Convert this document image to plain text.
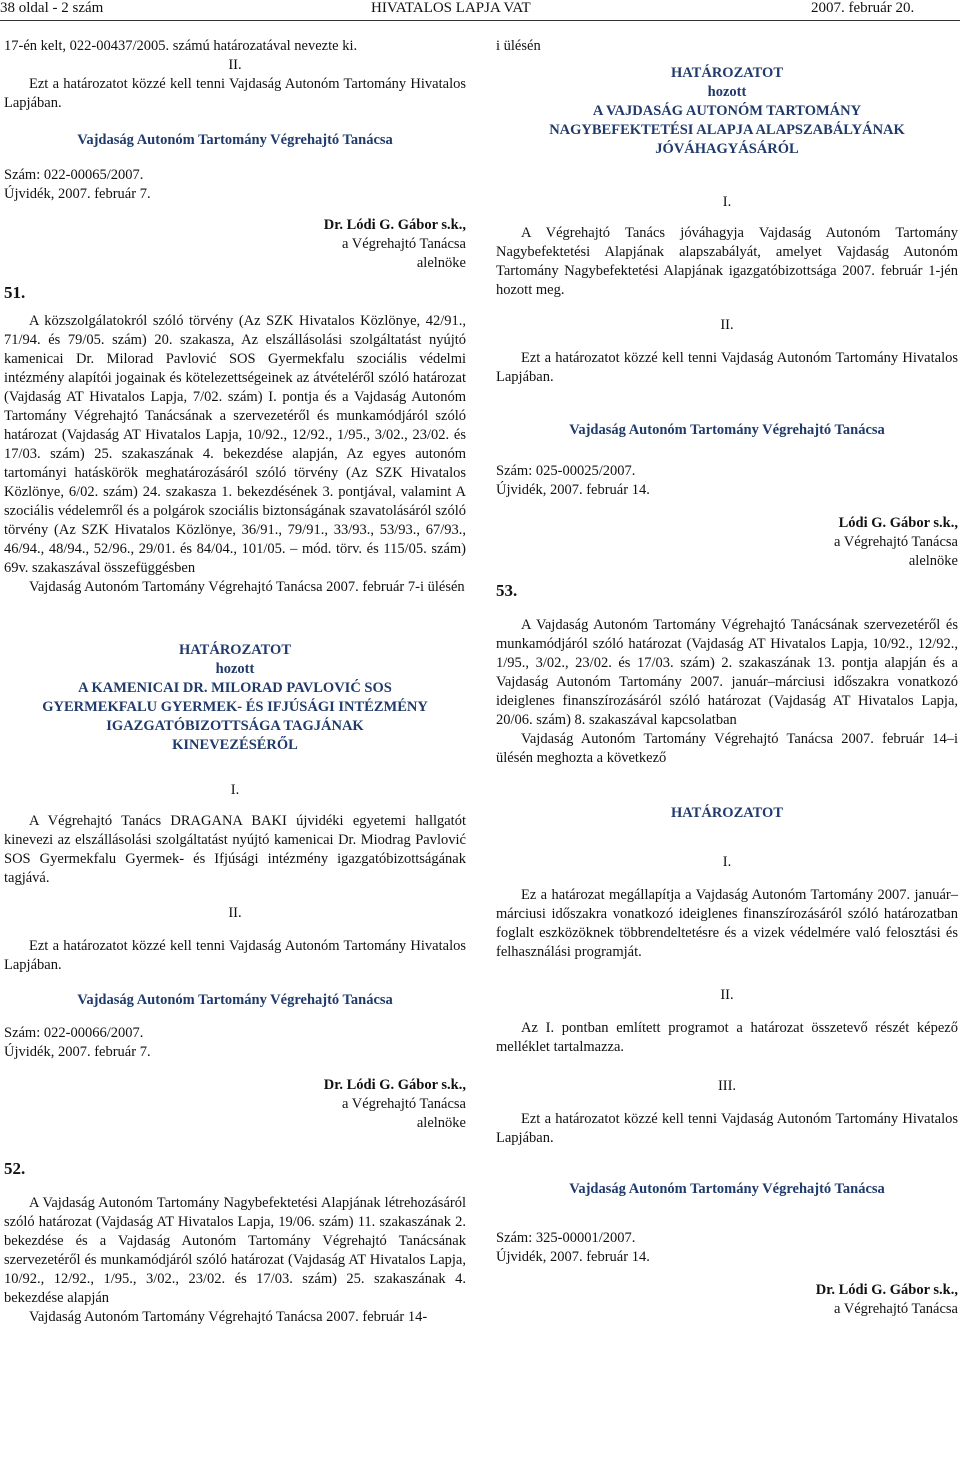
38 oldal - 2 szám	HIVATALOS LAPJA VAT	2007. február 20.

17-én kelt, 022-00437/2005. számú határozatával nevezte ki.

II.

Ezt a határozatot közzé kell tenni Vajdaság Autonóm Tartomány Hivatalos Lapjában.

Vajdaság Autonóm Tartomány Végrehajtó Tanácsa

Szám: 022-00065/2007.

Újvidék, 2007. február 7.

Dr. Lódi G. Gábor s.k.,

a Végrehajtó Tanácsa

alelnöke

51.

A közszolgálatokról szóló törvény (Az SZK Hivatalos Közlönye, 42/91., 71/94. és 79/05. szám) 20. szakasza, Az elszállásolási szolgáltatást nyújtó kamenicai Dr. Milorad Pavlović SOS Gyermekfalu szociális védelmi intézmény alapítói jogainak és kötelezettségeinek az átvételéről szóló határozat (Vajdaság AT Hivatalos Lapja, 7/02. szám) I. pontja és a Vajdaság Autonóm Tartomány Végrehajtó Tanácsának a szervezetéről és munkamódjáról szóló határozat (Vajdaság AT Hivatalos Lapja, 10/92., 12/92., 1/95., 3/02., 23/02. és 17/03. szám) 25. szakaszának 4. bekezdése alapján, Az egyes autonóm tartományi hatáskörök meghatározásáról szóló törvény (Az SZK Hivatalos Közlönye, 6/02. szám) 24. szakasza 1. bekezdésének 3. pontjával, valamint A szociális védelemről és a polgárok szociális biztonságának szavatolásáról szóló törvény (Az SZK Hivatalos Közlönye, 36/91., 79/91., 33/93., 53/93., 67/93., 46/94., 48/94., 52/96., 29/01. és 84/04., 101/05. – mód. törv. és 115/05. szám) 69v. szakaszával összefüggésben

Vajdaság Autonóm Tartomány Végrehajtó Tanácsa 2007. február 7-i ülésén

HATÁROZATOT

hozott

A KAMENICAI DR. MILORAD PAVLOVIĆ SOS

GYERMEKFALU GYERMEK- ÉS IFJÚSÁGI INTÉZMÉNY

IGAZGATÓBIZOTTSÁGA TAGJÁNAK

KINEVEZÉSÉRŐL

I.

A Végrehajtó Tanács DRAGANA BAKI újvidéki egyetemi hallgatót kinevezi az elszállásolási szolgáltatást nyújtó kamenicai Dr. Miodrag Pavlović SOS Gyermekfalu Gyermek- és Ifjúsági intézmény igazgatóbizottságának tagjává.

II.

Ezt a határozatot közzé kell tenni Vajdaság Autonóm Tartomány Hivatalos Lapjában.

Vajdaság Autonóm Tartomány Végrehajtó Tanácsa

Szám: 022-00066/2007.

Újvidék, 2007. február 7.

Dr. Lódi G. Gábor s.k.,

a Végrehajtó Tanácsa

alelnöke

52.

A Vajdaság Autonóm Tartomány Nagybefektetési Alapjának létrehozásáról szóló határozat (Vajdaság AT Hivatalos Lapja, 19/06. szám) 11. szakaszának 2. bekezdése és a Vajdaság Autonóm Tartomány Végrehajtó Tanácsának szervezetéről és munkamódjáról szóló határozat (Vajdaság AT Hivatalos Lapja, 10/92., 12/92., 1/95., 3/02., 23/02. és 17/03. szám) 25. szakaszának 4. bekezdése alapján

Vajdaság Autonóm Tartomány Végrehajtó Tanácsa 2007. február 14-

i ülésén

HATÁROZATOT

hozott

A VAJDASÁG AUTONÓM TARTOMÁNY

NAGYBEFEKTETÉSI ALAPJA ALAPSZABÁLYÁNAK

JÓVÁHAGYÁSÁRÓL

I.

A Végrehajtó Tanács jóváhagyja Vajdaság Autonóm Tartomány Nagybefektetési Alapjának alapszabályát, amelyet Vajdaság Autonóm Tartomány Nagybefektetési Alapjának igazgatóbizottsága 2007. február 1-jén hozott meg.

II.

Ezt a határozatot közzé kell tenni Vajdaság Autonóm Tartomány Hivatalos Lapjában.

Vajdaság Autonóm Tartomány Végrehajtó Tanácsa

Szám: 025-00025/2007.

Újvidék, 2007. február 14.

Lódi G. Gábor s.k.,

a Végrehajtó Tanácsa

alelnöke

53.

A Vajdaság Autonóm Tartomány Végrehajtó Tanácsának szervezetéről és munkamódjáról szóló határozat (Vajdaság AT Hivatalos Lapja, 10/92., 12/92., 1/95., 3/02., 23/02. és 17/03. szám) 2. szakaszának 13. pontja alapján és a Vajdaság Autonóm Tartomány 2007. január–márciusi időszakra vonatkozó ideiglenes finanszírozásáról szóló határozat (Vajdaság AT Hivatalos Lapja, 20/06. szám) 8. szakaszával kapcsolatban

Vajdaság Autonóm Tartomány Végrehajtó Tanácsa 2007. február 14–i ülésén meghozta a következő

HATÁROZATOT

I.

Ez a határozat megállapítja a Vajdaság Autonóm Tartomány 2007. január–márciusi időszakra vonatkozó ideiglenes finanszírozásáról szóló határozatban foglalt eszközöknek többrendeltetésre és a vizek védelmére való felosztási és felhasználási programját.

II.

Az I. pontban említett programot a határozat összetevő részét képező melléklet tartalmazza.

III.

Ezt a határozatot közzé kell tenni Vajdaság Autonóm Tartomány Hivatalos Lapjában.

Vajdaság Autonóm Tartomány Végrehajtó Tanácsa

Szám: 325-00001/2007.

Újvidék, 2007. február 14.

Dr. Lódi G. Gábor s.k.,

a Végrehajtó Tanácsa
